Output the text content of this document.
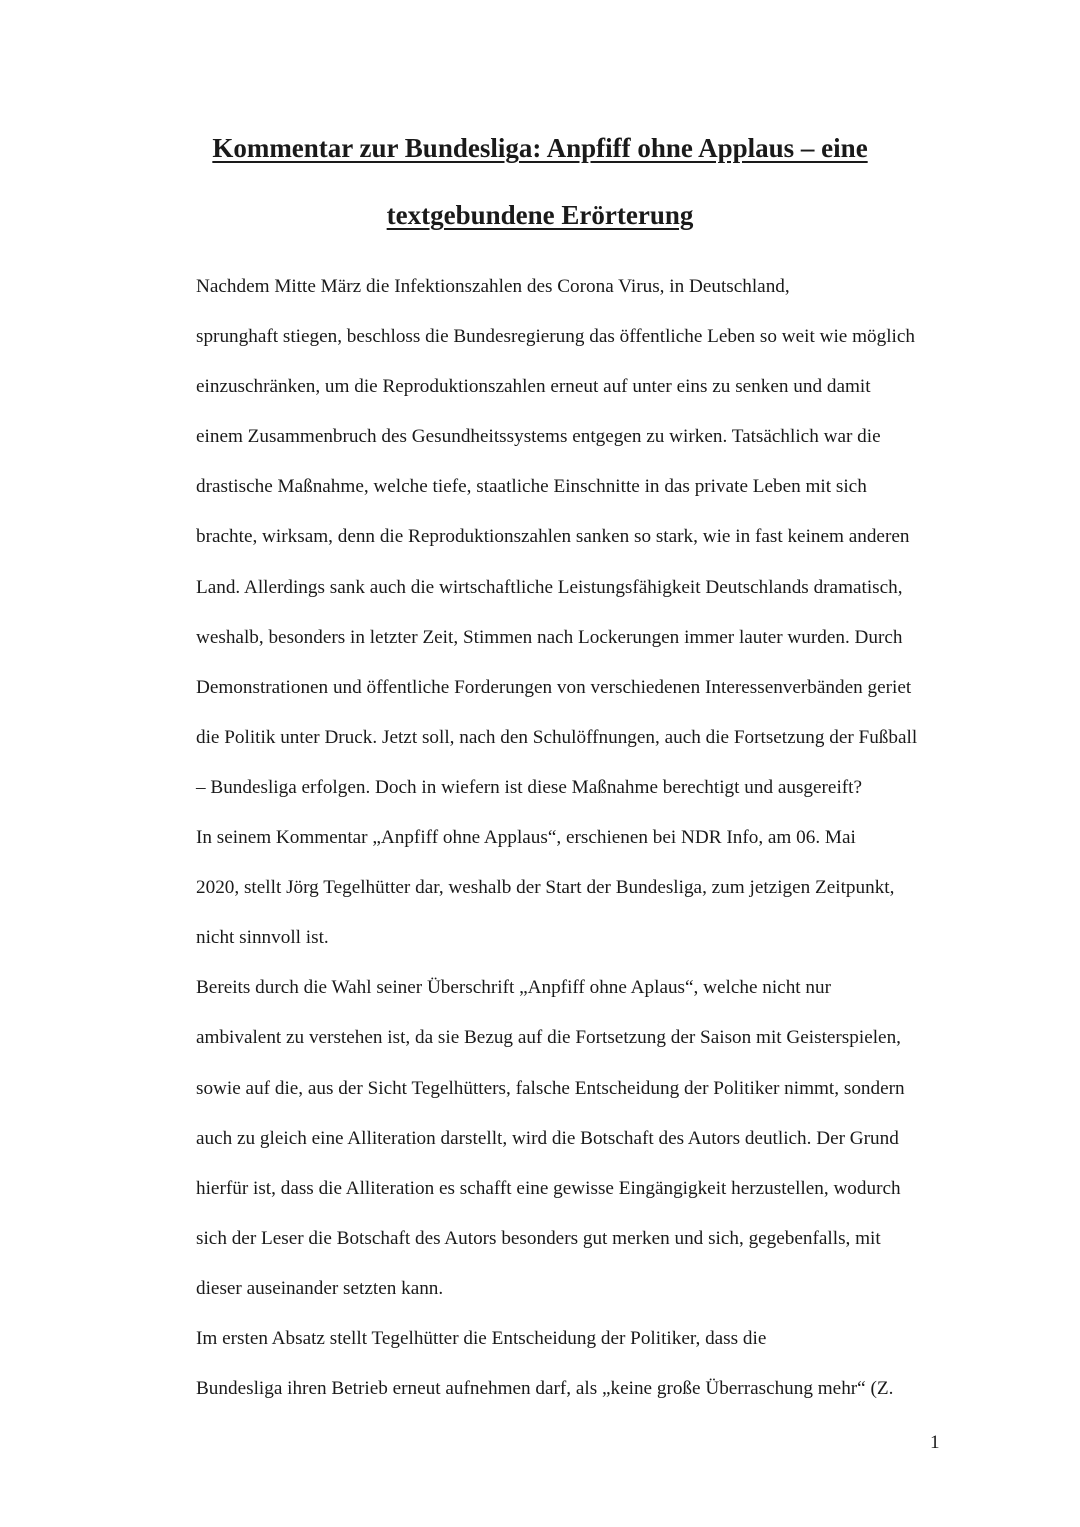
Kommentar zur Bundesliga: Anpfiff ohne Applaus – eine
textgebundene Erörterung

Nachdem Mitte März die Infektionszahlen des Corona Virus, in Deutschland,
sprunghaft stiegen, beschloss die Bundesregierung das öffentliche Leben so weit wie möglich
einzuschränken, um die Reproduktionszahlen erneut auf unter eins zu senken und damit
einem Zusammenbruch des Gesundheitssystems entgegen zu wirken. Tatsächlich war die
drastische Maßnahme, welche tiefe, staatliche Einschnitte in das private Leben mit sich
brachte, wirksam, denn die Reproduktionszahlen sanken so stark, wie in fast keinem anderen
Land. Allerdings sank auch die wirtschaftliche Leistungsfähigkeit Deutschlands dramatisch,
weshalb, besonders in letzter Zeit, Stimmen nach Lockerungen immer lauter wurden. Durch
Demonstrationen und öffentliche Forderungen von verschiedenen Interessenverbänden geriet
die Politik unter Druck. Jetzt soll, nach den Schulöffnungen, auch die Fortsetzung der Fußball
– Bundesliga erfolgen. Doch in wiefern ist diese Maßnahme berechtigt und ausgereift?

In seinem Kommentar „Anpfiff ohne Applaus“, erschienen bei NDR Info, am 06. Mai
2020, stellt Jörg Tegelhütter dar, weshalb der Start der Bundesliga, zum jetzigen Zeitpunkt,
nicht sinnvoll ist.

Bereits durch die Wahl seiner Überschrift „Anpfiff ohne Aplaus“, welche nicht nur
ambivalent zu verstehen ist, da sie Bezug auf die Fortsetzung der Saison mit Geisterspielen,
sowie auf die, aus der Sicht Tegelhütters, falsche Entscheidung der Politiker nimmt, sondern
auch zu gleich eine Alliteration darstellt, wird die Botschaft des Autors deutlich. Der Grund
hierfür ist, dass die Alliteration es schafft eine gewisse Eingängigkeit herzustellen, wodurch
sich der Leser die Botschaft des Autors besonders gut merken und sich, gegebenfalls, mit
dieser auseinander setzten kann.

Im ersten Absatz stellt Tegelhütter die Entscheidung der Politiker, dass die
Bundesliga ihren Betrieb erneut aufnehmen darf, als „keine große Überraschung mehr“ (Z.

1
